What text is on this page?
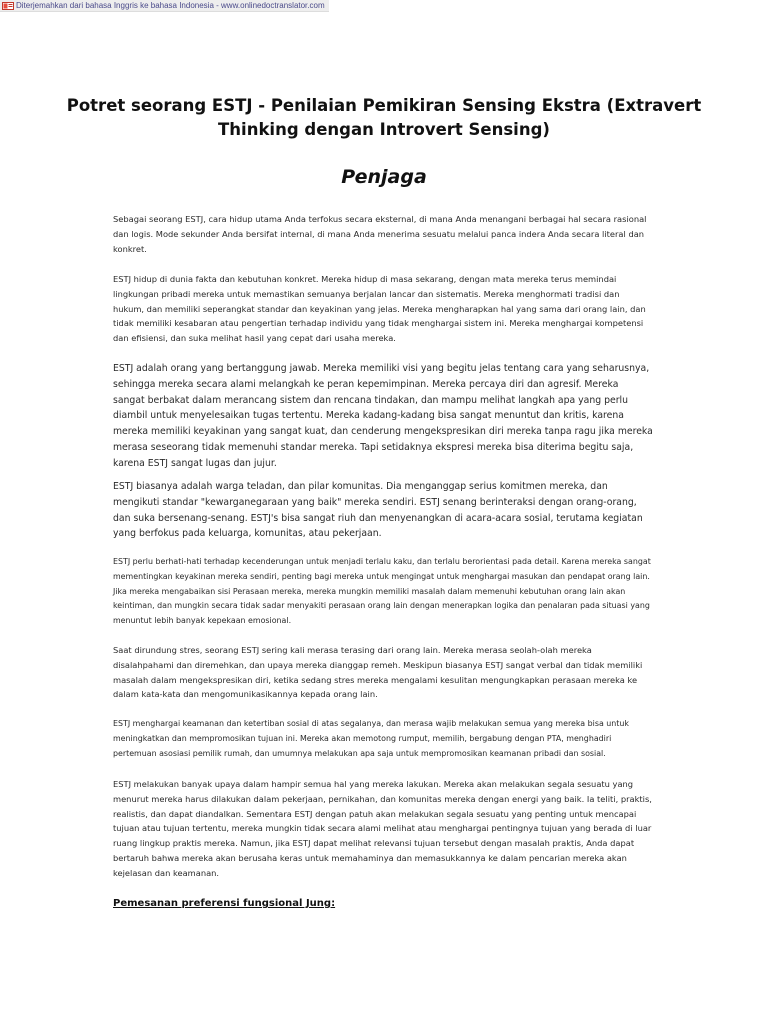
Diterjemahkan dari bahasa Inggris ke bahasa Indonesia - www.onlinedoctranslator.com
Potret seorang ESTJ - Penilaian Pemikiran Sensing Ekstra (Extravert Thinking dengan Introvert Sensing)
Penjaga

Sebagai seorang ESTJ, cara hidup utama Anda terfokus secara eksternal, di mana Anda menangani berbagai hal secara rasional dan logis. Mode sekunder Anda bersifat internal, di mana Anda menerima sesuatu melalui panca indera Anda secara literal dan konkret.

ESTJ hidup di dunia fakta dan kebutuhan konkret. Mereka hidup di masa sekarang, dengan mata mereka terus memindai lingkungan pribadi mereka untuk memastikan semuanya berjalan lancar dan sistematis. Mereka menghormati tradisi dan hukum, dan memiliki seperangkat standar dan keyakinan yang jelas. Mereka mengharapkan hal yang sama dari orang lain, dan tidak memiliki kesabaran atau pengertian terhadap individu yang tidak menghargai sistem ini. Mereka menghargai kompetensi dan efisiensi, dan suka melihat hasil yang cepat dari usaha mereka.

ESTJ adalah orang yang bertanggung jawab. Mereka memiliki visi yang begitu jelas tentang cara yang seharusnya, sehingga mereka secara alami melangkah ke peran kepemimpinan. Mereka percaya diri dan agresif. Mereka sangat berbakat dalam merancang sistem dan rencana tindakan, dan mampu melihat langkah apa yang perlu diambil untuk menyelesaikan tugas tertentu. Mereka kadang-kadang bisa sangat menuntut dan kritis, karena mereka memiliki keyakinan yang sangat kuat, dan cenderung mengekspresikan diri mereka tanpa ragu jika mereka merasa seseorang tidak memenuhi standar mereka. Tapi setidaknya ekspresi mereka bisa diterima begitu saja, karena ESTJ sangat lugas dan jujur.

ESTJ biasanya adalah warga teladan, dan pilar komunitas. Dia menganggap serius komitmen mereka, dan mengikuti standar "kewarganegaraan yang baik" mereka sendiri. ESTJ senang berinteraksi dengan orang-orang, dan suka bersenang-senang. ESTJ's bisa sangat riuh dan menyenangkan di acara-acara sosial, terutama kegiatan yang berfokus pada keluarga, komunitas, atau pekerjaan.

ESTJ perlu berhati-hati terhadap kecenderungan untuk menjadi terlalu kaku, dan terlalu berorientasi pada detail. Karena mereka sangat mementingkan keyakinan mereka sendiri, penting bagi mereka untuk mengingat untuk menghargai masukan dan pendapat orang lain. Jika mereka mengabaikan sisi Perasaan mereka, mereka mungkin memiliki masalah dalam memenuhi kebutuhan orang lain akan keintiman, dan mungkin secara tidak sadar menyakiti perasaan orang lain dengan menerapkan logika dan penalaran pada situasi yang menuntut lebih banyak kepekaan emosional.

Saat dirundung stres, seorang ESTJ sering kali merasa terasing dari orang lain. Mereka merasa seolah-olah mereka disalahpahami dan diremehkan, dan upaya mereka dianggap remeh. Meskipun biasanya ESTJ sangat verbal dan tidak memiliki masalah dalam mengekspresikan diri, ketika sedang stres mereka mengalami kesulitan mengungkapkan perasaan mereka ke dalam kata-kata dan mengomunikasikannya kepada orang lain.

ESTJ menghargai keamanan dan ketertiban sosial di atas segalanya, dan merasa wajib melakukan semua yang mereka bisa untuk meningkatkan dan mempromosikan tujuan ini. Mereka akan memotong rumput, memilih, bergabung dengan PTA, menghadiri pertemuan asosiasi pemilik rumah, dan umumnya melakukan apa saja untuk mempromosikan keamanan pribadi dan sosial.

ESTJ melakukan banyak upaya dalam hampir semua hal yang mereka lakukan. Mereka akan melakukan segala sesuatu yang menurut mereka harus dilakukan dalam pekerjaan, pernikahan, dan komunitas mereka dengan energi yang baik. Ia teliti, praktis, realistis, dan dapat diandalkan. Sementara ESTJ dengan patuh akan melakukan segala sesuatu yang penting untuk mencapai tujuan atau tujuan tertentu, mereka mungkin tidak secara alami melihat atau menghargai pentingnya tujuan yang berada di luar ruang lingkup praktis mereka. Namun, jika ESTJ dapat melihat relevansi tujuan tersebut dengan masalah praktis, Anda dapat bertaruh bahwa mereka akan berusaha keras untuk memahaminya dan memasukkannya ke dalam pencarian mereka akan kejelasan dan keamanan.

Pemesanan preferensi fungsional Jung:
